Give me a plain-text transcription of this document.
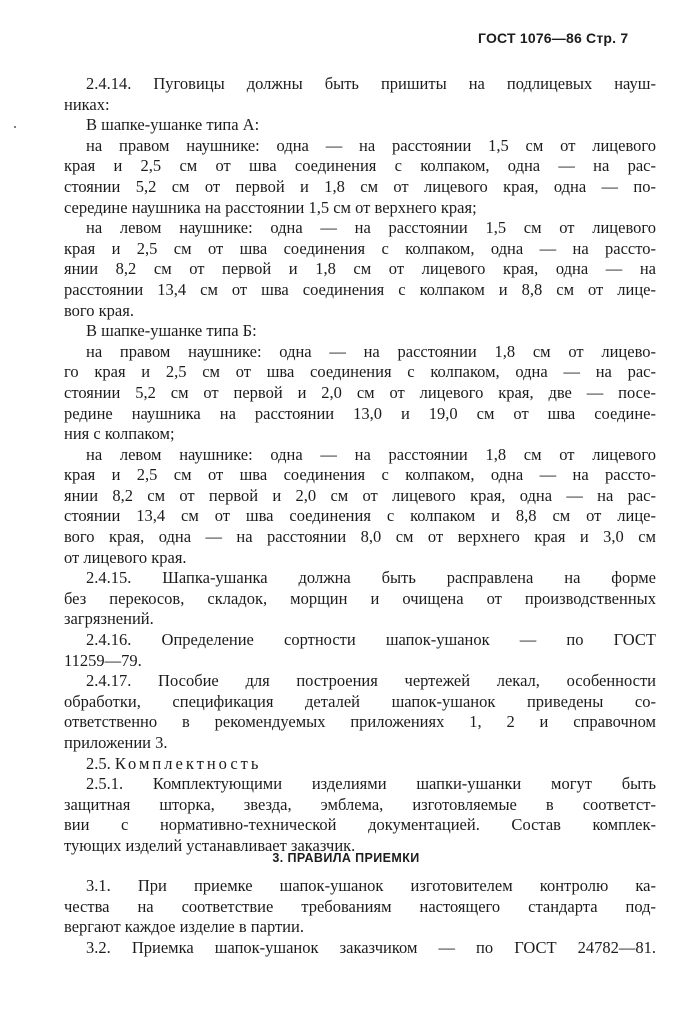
ГОСТ 1076—86 Стр. 7
2.4.14. Пуговицы должны быть пришиты на подлицевых науш-
никах:
В шапке-ушанке типа А:
на правом наушнике: одна — на расстоянии 1,5 см от лицевого
края и 2,5 см от шва соединения с колпаком, одна — на рас-
стоянии 5,2 см от первой и 1,8 см от лицевого края, одна — по-
середине наушника на расстоянии 1,5 см от верхнего края;
на левом наушнике: одна — на расстоянии 1,5 см от лицевого
края и 2,5 см от шва соединения с колпаком, одна — на рассто-
янии 8,2 см от первой и 1,8 см от лицевого края, одна — на
расстоянии 13,4 см от шва соединения с колпаком и 8,8 см от лице-
вого края.
В шапке-ушанке типа Б:
на правом наушнике: одна — на расстоянии 1,8 см от лицево-
го края и 2,5 см от шва соединения с колпаком, одна — на рас-
стоянии 5,2 см от первой и 2,0 см от лицевого края, две — посе-
редине наушника на расстоянии 13,0 и 19,0 см от шва соедине-
ния с колпаком;
на левом наушнике: одна — на расстоянии 1,8 см от лицевого
края и 2,5 см от шва соединения с колпаком, одна — на рассто-
янии 8,2 см от первой и 2,0 см от лицевого края, одна — на рас-
стоянии 13,4 см от шва соединения с колпаком и 8,8 см от лице-
вого края, одна — на расстоянии 8,0 см от верхнего края и 3,0 см
от лицевого края.
2.4.15. Шапка-ушанка должна быть расправлена на форме
без перекосов, складок, морщин и очищена от производственных
загрязнений.
2.4.16. Определение сортности шапок-ушанок — по ГОСТ
11259—79.
2.4.17. Пособие для построения чертежей лекал, особенности
обработки, спецификация деталей шапок-ушанок приведены со-
ответственно в рекомендуемых приложениях 1, 2 и справочном
приложении 3.
2.5. Комплектность
2.5.1. Комплектующими изделиями шапки-ушанки могут быть
защитная шторка, звезда, эмблема, изготовляемые в соответст-
вии с нормативно-технической документацией. Состав комплек-
тующих изделий устанавливает заказчик.
3. ПРАВИЛА ПРИЕМКИ
3.1. При приемке шапок-ушанок изготовителем контролю ка-
чества на соответствие требованиям настоящего стандарта под-
вергают каждое изделие в партии.
3.2. Приемка шапок-ушанок заказчиком — по ГОСТ 24782—81.
